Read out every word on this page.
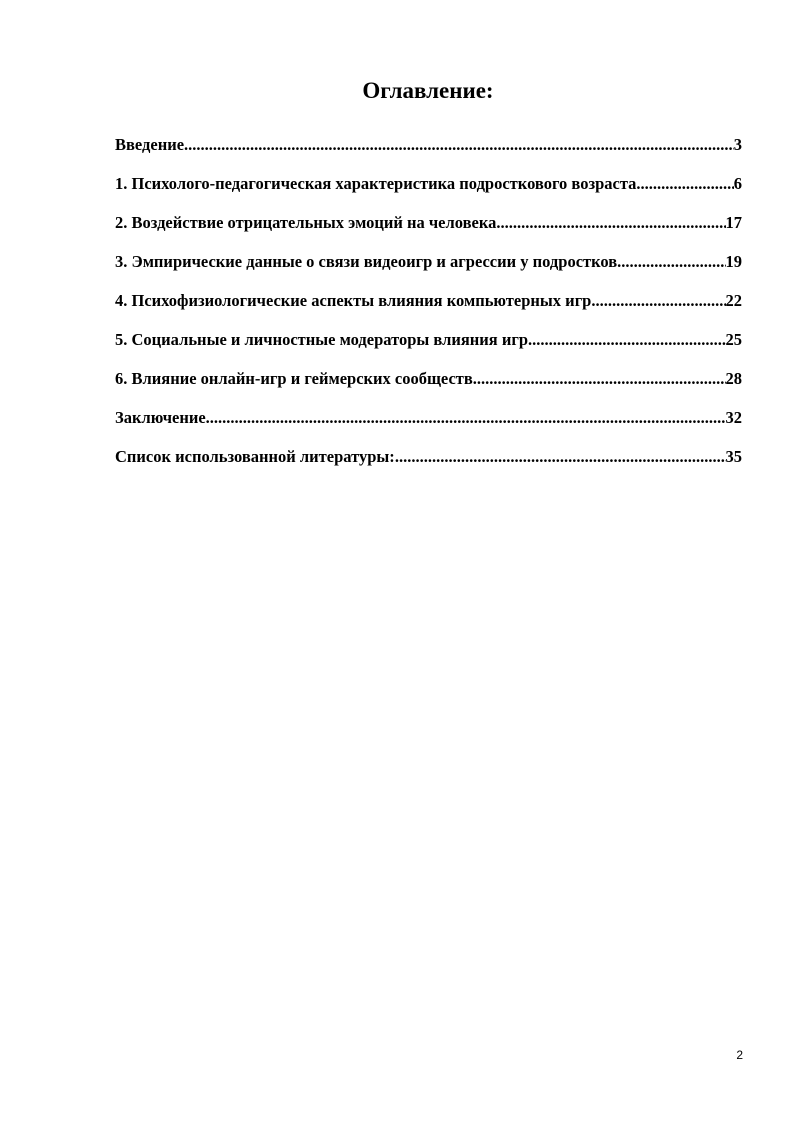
Оглавление:
Введение .....	3
1. Психолого-педагогическая характеристика подросткового возраста .....	6
2. Воздействие отрицательных эмоций на человека .....	17
3. Эмпирические данные о связи видеоигр и агрессии у подростков .....	19
4. Психофизиологические аспекты влияния компьютерных игр .....	22
5. Социальные и личностные модераторы влияния игр .....	25
6. Влияние онлайн-игр и геймерских сообществ .....	28
Заключение .....	32
Список использованной литературы: .....	35
2
